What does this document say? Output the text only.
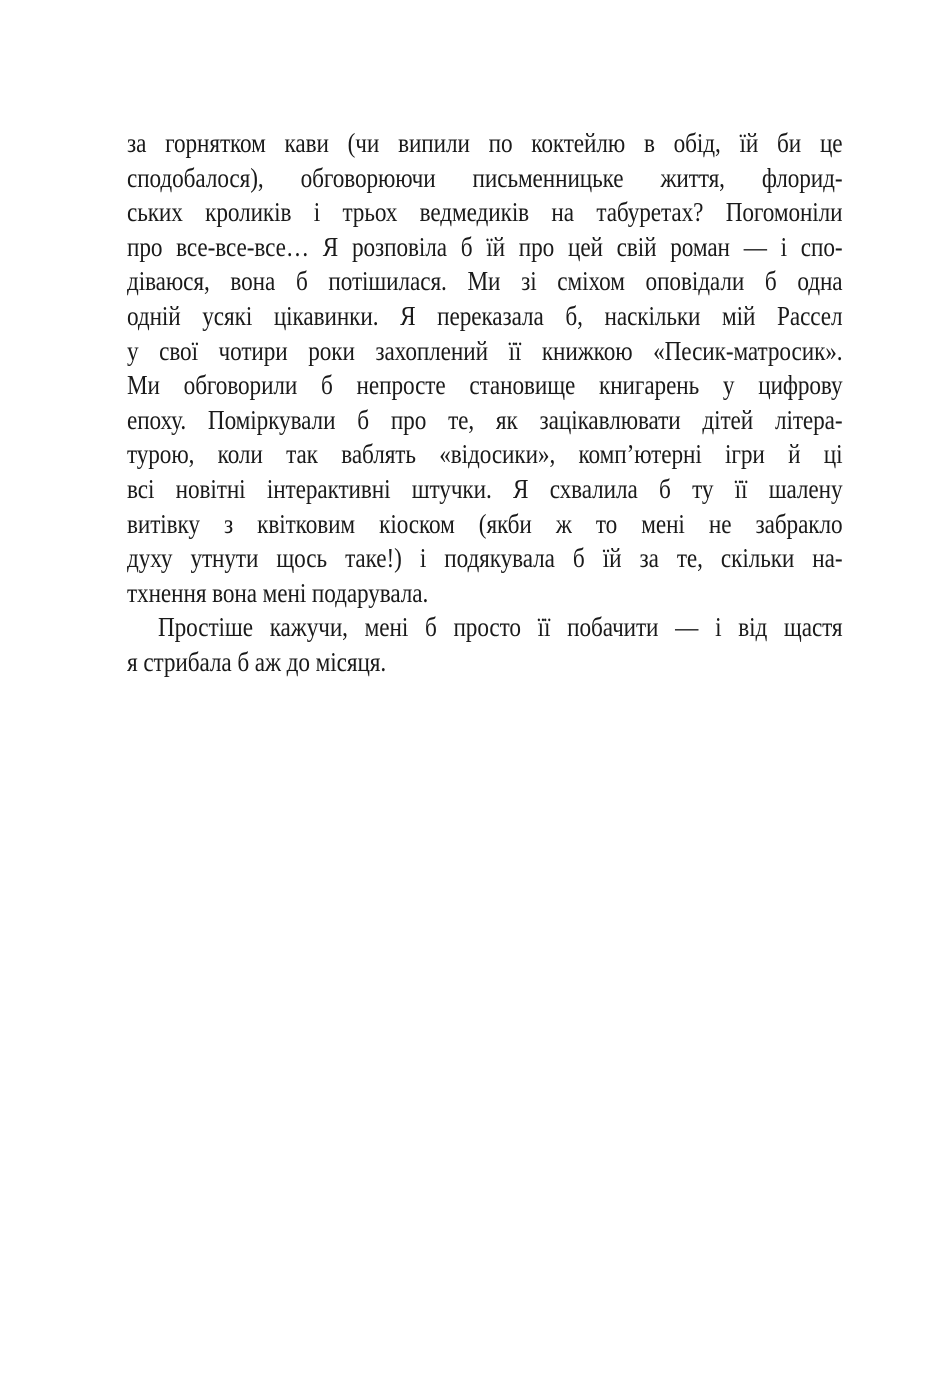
за горнятком кави (чи випили по коктейлю в обід, їй би це
сподобалося), обговорюючи письменницьке життя, флорид-
ських кроликів і трьох ведмедиків на табуретах? Погомоніли
про все-все-все… Я розповіла б їй про цей свій роман — і спо-
діваюся, вона б потішилася. Ми зі сміхом оповідали б одна
одній усякі цікавинки. Я переказала б, наскільки мій Рассел
у свої чотири роки захоплений її книжкою «Песик-матросик».
Ми обговорили б непросте становище книгарень у цифрову
епоху. Поміркували б про те, як зацікавлювати дітей літера-
турою, коли так ваблять «відосики», комп’ютерні ігри й ці
всі новітні інтерактивні штучки. Я схвалила б ту її шалену
витівку з квітковим кіоском (якби ж то мені не забракло
духу утнути щось таке!) і подякувала б їй за те, скільки на-
тхнення вона мені подарувала.
Простіше кажучи, мені б просто її побачити — і від щастя
я стрибала б аж до місяця.
